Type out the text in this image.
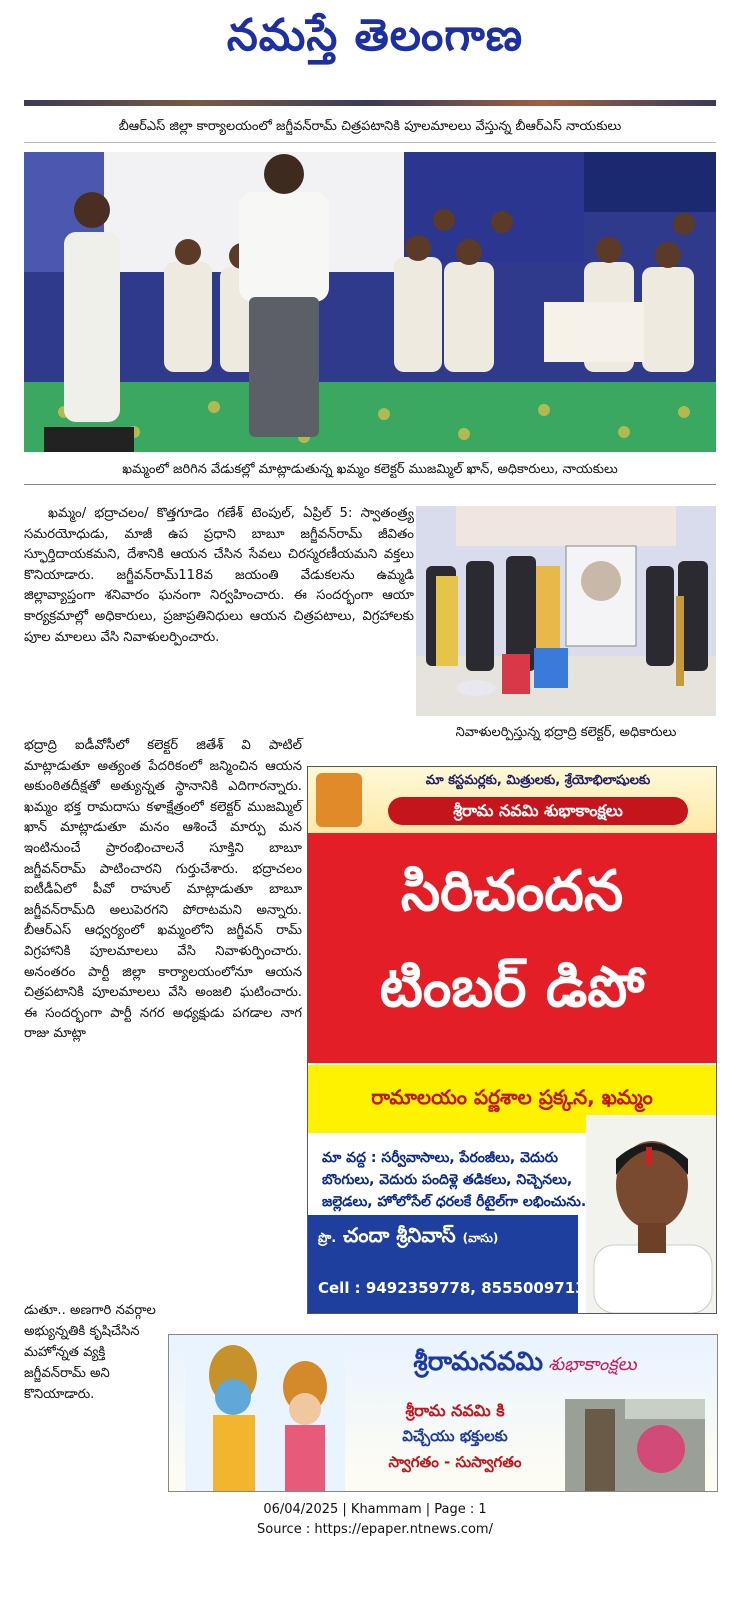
నమస్తే తెలంగాణ
బీఆర్ఎస్ జిల్లా కార్యాలయంలో జగ్జీవన్‌రామ్ చిత్రపటానికి పూలమాలలు వేస్తున్న బీఆర్ఎస్ నాయకులు
ఖమ్మంలో జరిగిన వేడుకల్లో మాట్లాడుతున్న ఖమ్మం కలెక్టర్ ముజమ్మిల్ ఖాన్, అధికారులు, నాయకులు

ఖమ్మం/ భద్రాచలం/ కొత్తగూడెం గణేశ్ టెంపుల్, ఏప్రిల్ 5: స్వాతంత్ర్య సమరయోధుడు, మాజీ ఉప ప్రధాని బాబూ జగ్జీవన్‌రామ్ జీవితం స్ఫూర్తిదాయకమని, దేశానికి ఆయన చేసిన సేవలు చిరస్మరణీయమని వక్తలు కొనియాడారు. జగ్జీవన్‌రామ్118వ జయంతి వేడుకలను ఉమ్మడి జిల్లావ్యాప్తంగా శనివారం ఘనంగా నిర్వహించారు. ఈ సందర్భంగా ఆయా కార్యక్రమాల్లో అధికారులు, ప్రజాప్రతినిధులు ఆయన చిత్రపటాలు, విగ్రహాలకు పూల మాలలు వేసి నివాళులర్పించారు.

నివాళులర్పిస్తున్న భద్రాద్రి కలెక్టర్, అధికారులు
భద్రాద్రి ఐడీవోసీలో కలెక్టర్ జితేశ్ వి పాటిల్ మాట్లాడుతూ అత్యంత పేదరికంలో జన్మించిన ఆయన అకుంఠితదీక్షతో అత్యున్నత స్థానానికి ఎదిగారన్నారు. ఖమ్మం భక్త రామదాసు కళాక్షేత్రంలో కలెక్టర్ ముజమ్మిల్ ఖాన్ మాట్లాడుతూ మనం ఆశించే మార్పు మన ఇంటినుంచే ప్రారంభించాలనే సూక్తిని బాబూ జగ్జీవన్‌రామ్ పాటించారని గుర్తుచేశారు. భద్రాచలం ఐటీడీఏలో పీవో రాహుల్ మాట్లాడుతూ బాబూ జగ్జీవన్‌రామ్‌ది అలుపెరగని పోరాటమని అన్నారు. బీఆర్ఎస్ ఆధ్వర్యంలో ఖమ్మంలోని జగ్జీవన్ రామ్ విగ్రహానికి పూలమాలలు వేసి నివాళుర్పించారు. అనంతరం పార్టీ జిల్లా కార్యాలయంలోనూ ఆయన చిత్రపటానికి పూలమాలలు వేసి అంజలి ఘటించారు. ఈ సందర్భంగా పార్టీ నగర అధ్యక్షుడు పగడాల నాగ రాజు మాట్లా
డుతూ.. అణగారి నవర్గాల అభ్యున్నతికి కృషిచేసిన మహోన్నత వ్యక్తి జగ్జీవన్‌రామ్ అని కొనియాడారు.
మా కస్టమర్లకు, మిత్రులకు, శ్రేయోభిలాషులకు
శ్రీరామ నవమి శుభాకాంక్షలు
సిరిచందన
టింబర్ డిపో
రామాలయం పర్ణశాల ప్రక్కన, ఖమ్మం
మా వద్ద : సర్వీవాసాలు, పేరంజీలు, వెదురు బొంగులు, వెదురు పందిళ్లె తడికలు, నిచ్చెనలు, జల్లెడలు, హోలోసేల్ ధరలకే రీటైల్‌గా లభించును.
ప్రొ. చందా శ్రీనివాస్ (వాసు)
Cell : 9492359778, 8555009713
శ్రీరామనవమి శుభాకాంక్షలు
శ్రీరామ నవమి కి
విచ్చేయు భక్తులకు
స్వాగతం - సుస్వాగతం
06/04/2025 | Khammam | Page : 1
Source : https://epaper.ntnews.com/
